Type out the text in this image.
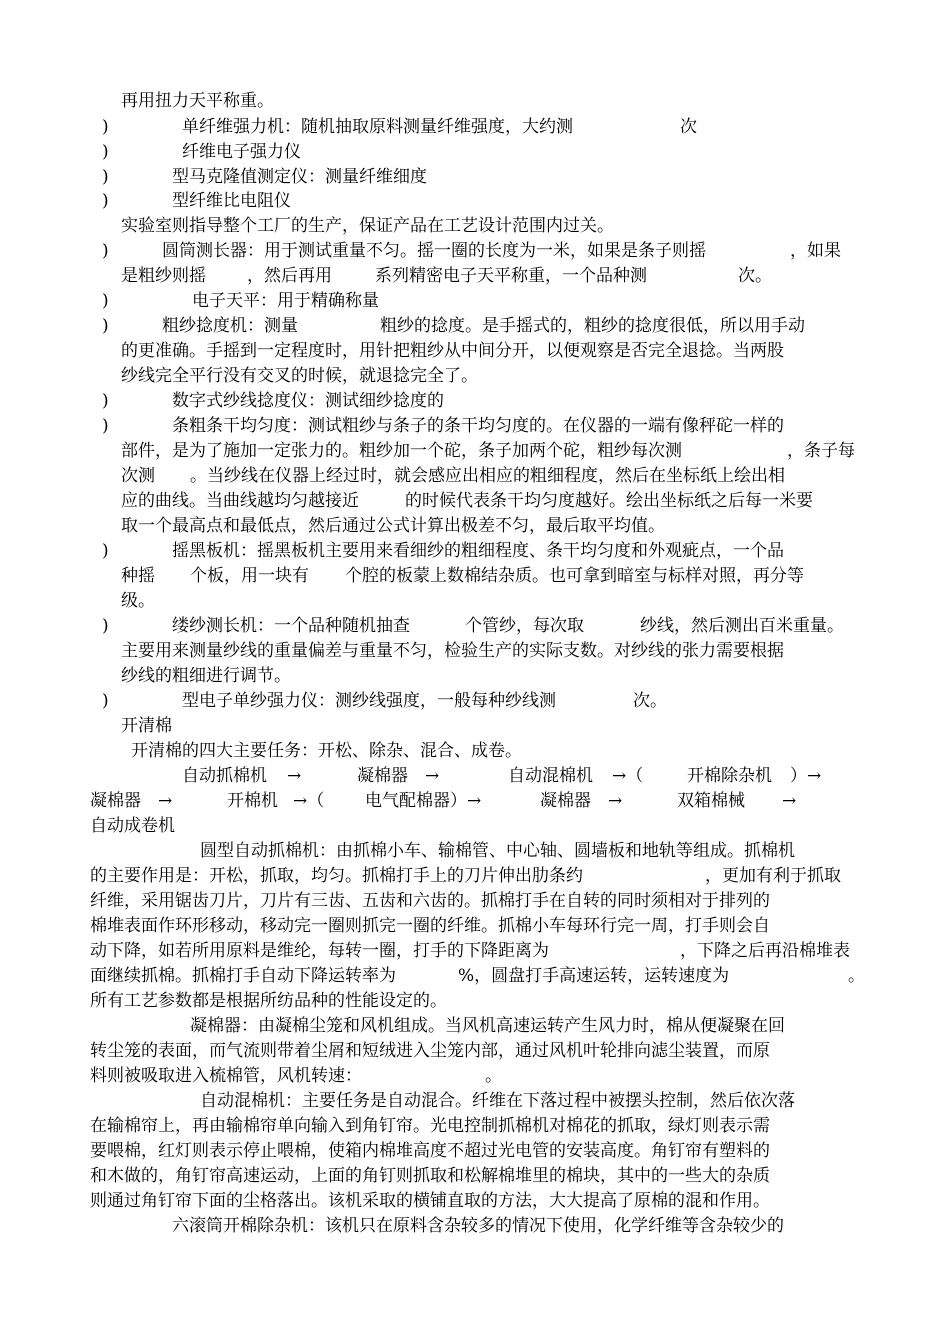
再用扭力天平称重。

)

	单纤维强力机：随机抽取原料测量纤维强度，大约测

	次

)

	纤维电子强力仪

)

	型马克隆值测定仪：测量纤维细度

)

	型纤维比电阻仪

实验室则指导整个工厂的生产，保证产品在工艺设计范围内过关。

)

	圆筒测长器：用于测试重量不匀。摇一圈的长度为一米，如果是条子则摇

	，如果

是粗纱则摇

，然后再用

	系列精密电子天平称重，一个品种测

	次。

)

	电子天平：用于精确称量

)

	粗纱捻度机：测量

	粗纱的捻度。是手摇式的，粗纱的捻度很低，所以用手动

的更准确。手摇到一定程度时，用针把粗纱从中间分开，以便观察是否完全退捻。当两股

纱线完全平行没有交叉的时候，就退捻完全了。

)

	数字式纱线捻度仪：测试细纱捻度的

)

	条粗条干均匀度：测试粗纱与条子的条干均匀度的。在仪器的一端有像秤砣一样的

部件，是为了施加一定张力的。粗纱加一个砣，条子加两个砣，粗纱每次测

	，条子每

次测

。当纱线在仪器上经过时，就会感应出相应的粗细程度，然后在坐标纸上绘出相

应的曲线。当曲线越均匀越接近

	的时候代表条干均匀度越好。绘出坐标纸之后每一米要

取一个最高点和最低点，然后通过公式计算出极差不匀，最后取平均值。

)

	摇黑板机：摇黑板机主要用来看细纱的粗细程度、条干均匀度和外观疵点，一个品

种摇

个板，用一块有

个腔的板蒙上数棉结杂质。也可拿到暗室与标样对照，再分等

级。

)

	缕纱测长机：一个品种随机抽查

	个管纱，每次取

	纱线，然后测出百米重量。

主要用来测量纱线的重量偏差与重量不匀，检验生产的实际支数。对纱线的张力需要根据

纱线的粗细进行调节。

)

	型电子单纱强力仪：测纱线强度，一般每种纱线测

	次。

开清棉

开清棉的四大主要任务：开松、除杂、混合、成卷。

自动抓棉机

→

	凝棉器

→

	自动混棉机

→（

	开棉除杂机

）→

凝棉器

→

	开棉机

→（

电气配棉器

）→

	凝棉器

→

	双箱棉械

→

自动成卷机

圆型自动抓棉机：由抓棉小车、输棉管、中心轴、圆墙板和地轨等组成。抓棉机

的主要作用是：开松，抓取，均匀。抓棉打手上的刀片伸出肋条约

	，更加有利于抓取

纤维，采用锯齿刀片，刀片有三齿、五齿和六齿的。抓棉打手在自转的同时须相对于排列的

棉堆表面作环形移动，移动完一圈则抓完一圈的纤维。抓棉小车每环行完一周，打手则会自

动下降，如若所用原料是维纶，每转一圈，打手的下降距离为

	，下降之后再沿棉堆表

面继续抓棉。抓棉打手自动下降运转率为

	%，圆盘打手高速运转，运转速度为

	。

所有工艺参数都是根据所纺品种的性能设定的。

凝棉器：由凝棉尘笼和风机组成。当风机高速运转产生风力时，棉从便凝聚在回

转尘笼的表面，而气流则带着尘屑和短绒进入尘笼内部，通过风机叶轮排向滤尘装置，而原

料则被吸取进入梳棉管，风机转速：

	。

自动混棉机：主要任务是自动混合。纤维在下落过程中被摆头控制，然后依次落

在输棉帘上，再由输棉帘单向输入到角钉帘。光电控制抓棉机对棉花的抓取，绿灯则表示需

要喂棉，红灯则表示停止喂棉，使箱内棉堆高度不超过光电管的安装高度。角钉帘有塑料的

和木做的，角钉帘高速运动，上面的角钉则抓取和松解棉堆里的棉块，其中的一些大的杂质

则通过角钉帘下面的尘格落出。该机采取的横铺直取的方法，大大提高了原棉的混和作用。

六滚筒开棉除杂机：该机只在原料含杂较多的情况下使用，化学纤维等含杂较少的
